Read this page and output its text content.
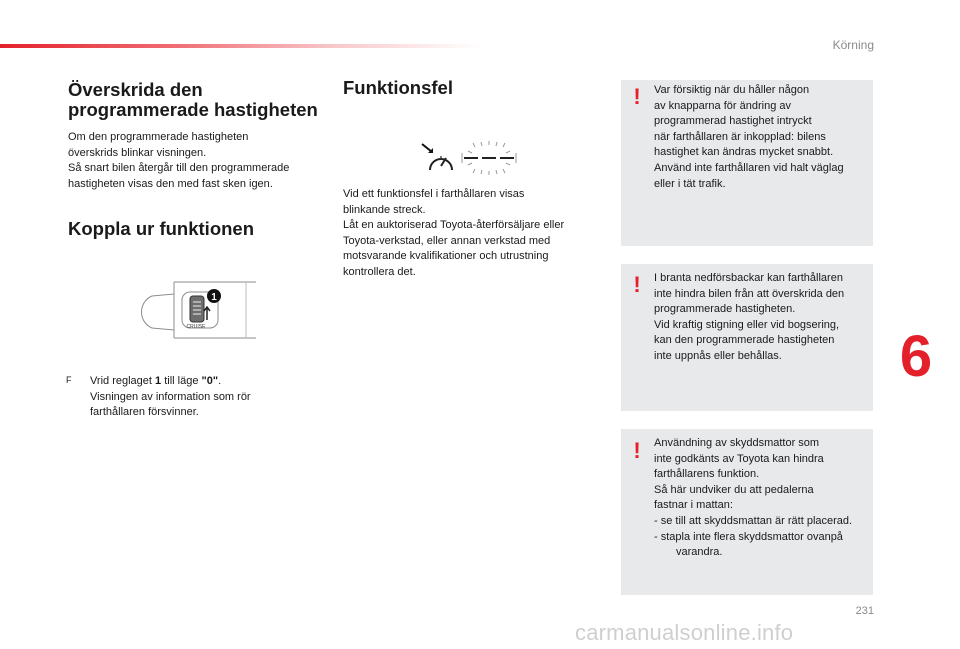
Körning
Överskrida den
programmerade hastigheten

Om den programmerade hastigheten
överskrids blinkar visningen.
Så snart bilen återgår till den programmerade
hastigheten visas den med fast sken igen.

Koppla ur funktionen
1
CRUISE
F Vrid reglaget 1 till läge "0".
Visningen av information som rör
farthållaren försvinner.

Funktionsfel

Vid ett funktionsfel i farthållaren visas
blinkande streck.
Låt en auktoriserad Toyota-återförsäljare eller
Toyota-verkstad, eller annan verkstad med
motsvarande kvalifikationer och utrustning
kontrollera det.

! Var försiktig när du håller någon
av knapparna för ändring av
programmerad hastighet intryckt
när farthållaren är inkopplad: bilens
hastighet kan ändras mycket snabbt.
Använd inte farthållaren vid halt väglag
eller i tät trafik.
! I branta nedförsbackar kan farthållaren
inte hindra bilen från att överskrida den
programmerade hastigheten.
Vid kraftig stigning eller vid bogsering,
kan den programmerade hastigheten
inte uppnås eller behållas.
! Användning av skyddsmattor som
inte godkänts av Toyota kan hindra
farthållarens funktion.
Så här undviker du att pedalerna
fastnar i mattan:
- se till att skyddsmattan är rätt placerad.
- stapla inte flera skyddsmattor ovanpå varandra.
6
231
carmanualsonline.info
